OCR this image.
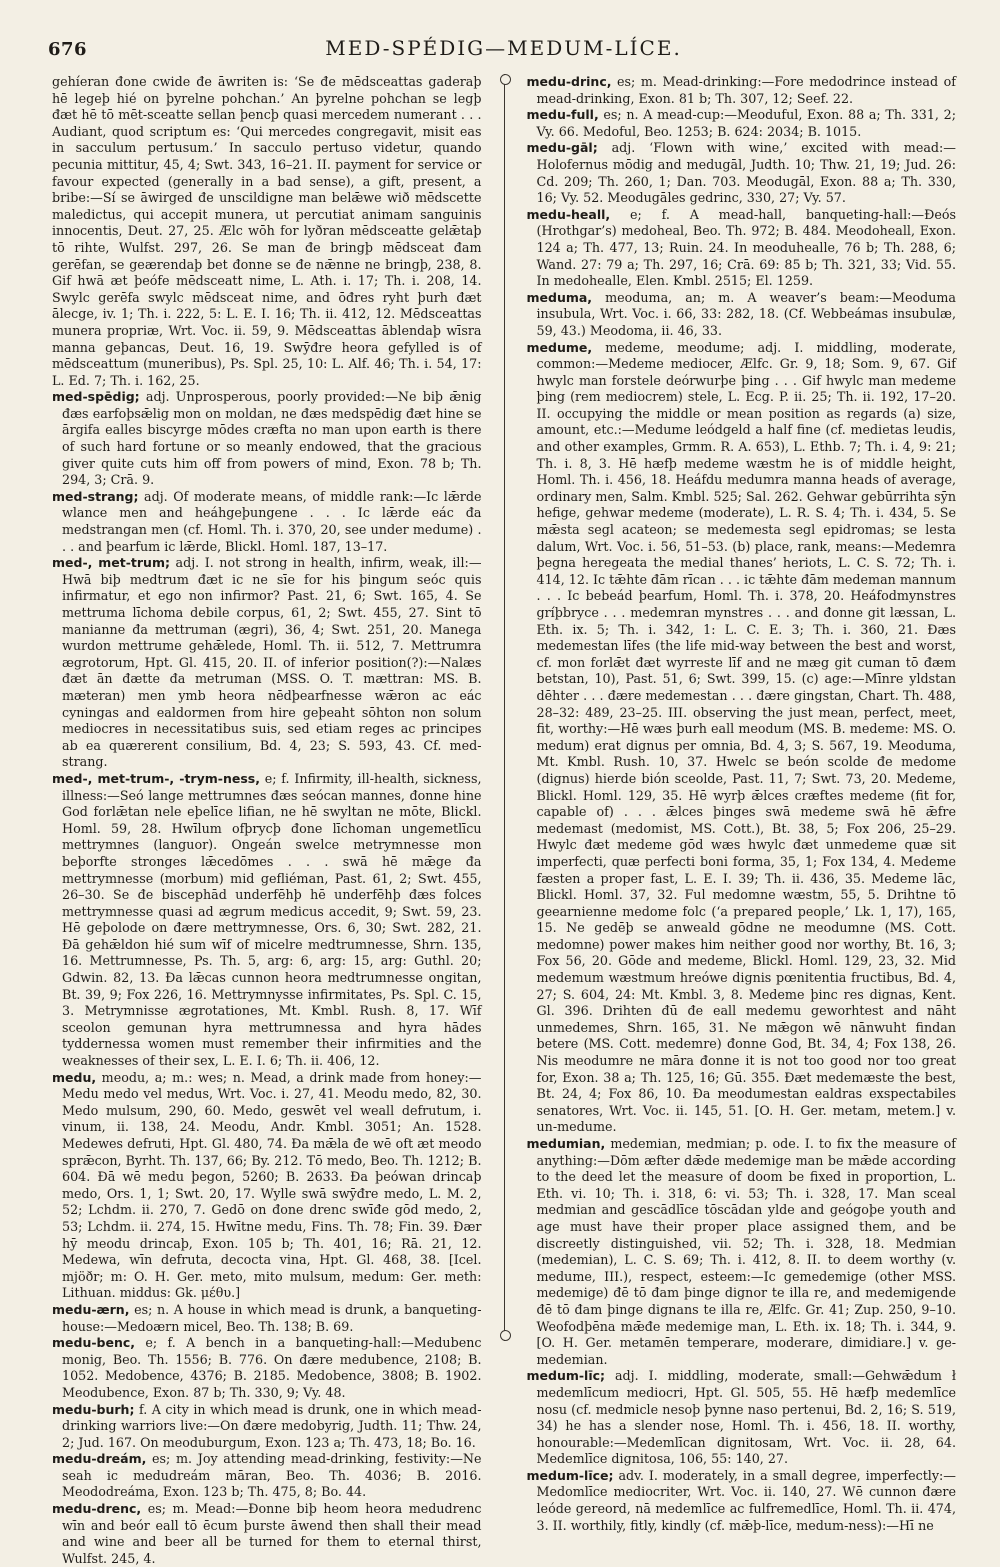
676	MED-SPÉDIG—MEDUM-LÍCE.

gehíeran đone cwide đe āwriten is: ‘Se đe mēdsceattas gaderaþ hē legeþ hié on þyrelne pohchan.’ An þyrelne pohchan se legþ đæt hē tō mēt-sceatte sellan þencþ quasi mercedem numerant . . . Audiant, quod scriptum es: ‘Qui mercedes congregavit, misit eas in sacculum pertusum.’ In sacculo pertuso videtur, quando pecunia mittitur, 45, 4; Swt. 343, 16–21. II. payment for service or favour expected (generally in a bad sense), a gift, present, a bribe:—Sí se āwirged đe unscildigne man belǣwe wið mēdscette maledictus, qui accepit munera, ut percutiat animam sanguinis innocentis, Deut. 27, 25. Ælc wōh for lyðran mēdsceatte gelǣtaþ tō rihte, Wulfst. 297, 26. Se man đe bringþ mēdsceat đam gerēfan, se geærendaþ bet đonne se đe nǣnne ne bringþ, 238, 8. Gif hwā æt þeófe mēdsceatt nime, L. Ath. i. 17; Th. i. 208, 14. Swylc gerēfa swylc mēdsceat nime, and ōđres ryht þurh đæt ālecge, iv. 1; Th. i. 222, 5: L. E. I. 16; Th. ii. 412, 12. Mēdsceattas munera propriæ, Wrt. Voc. ii. 59, 9. Mēdsceattas āblendaþ wīsra manna geþancas, Deut. 16, 19. Swȳđre heora gefylled is of mēdsceattum (muneribus), Ps. Spl. 25, 10: L. Alf. 46; Th. i. 54, 17: L. Ed. 7; Th. i. 162, 25.

med-spēdig; adj. Unprosperous, poorly provided:—Ne biþ ǣnig đæs earfoþsǣlig mon on moldan, ne đæs medspēdig đæt hine se ārgifa ealles biscyrge mōdes cræfta no man upon earth is there of such hard fortune or so meanly endowed, that the gracious giver quite cuts him off from powers of mind, Exon. 78 b; Th. 294, 3; Crā. 9.

med-strang; adj. Of moderate means, of middle rank:—Ic lǣrde wlance men and heáhgeþungene . . . Ic lǣrde eác đa medstrangan men (cf. Homl. Th. i. 370, 20, see under medume) . . . and þearfum ic lǣrde, Blickl. Homl. 187, 13–17.

med-, met-trum; adj. I. not strong in health, infirm, weak, ill:—Hwā biþ medtrum đæt ic ne sīe for his þingum seóc quis infirmatur, et ego non infirmor? Past. 21, 6; Swt. 165, 4. Se mettruma līchoma debile corpus, 61, 2; Swt. 455, 27. Sint tō manianne đa mettruman (ægri), 36, 4; Swt. 251, 20. Manega wurdon mettrume gehǣlede, Homl. Th. ii. 512, 7. Mettrumra ægrotorum, Hpt. Gl. 415, 20. II. of inferior position(?):—Nalæs đæt ān đætte đa metruman (MSS. O. T. mættran: MS. B. mæteran) men ymb heora nēdþearfnesse wǣron ac eác cyningas and ealdormen from hire geþeaht sōhton non solum mediocres in necessitatibus suis, sed etiam reges ac principes ab ea quærerent consilium, Bd. 4, 23; S. 593, 43. Cf. med-strang.

med-, met-trum-, -trym-ness, e; f. Infirmity, ill-health, sickness, illness:—Seó lange mettrumnes đæs seócan mannes, đonne hine God forlǣtan nele eþelīce lifian, ne hē swyltan ne mōte, Blickl. Homl. 59, 28. Hwīlum ofþrycþ đone līchoman ungemetlīcu mettrymnes (languor). Ongeán swelce metrymnesse mon beþorfte stronges lǣcedōmes . . . swā hē mǣge đa mettrymnesse (morbum) mid gefliéman, Past. 61, 2; Swt. 455, 26–30. Se đe biscephād underfēhþ hē underfēhþ đæs folces mettrymnesse quasi ad ægrum medicus accedit, 9; Swt. 59, 23. Hē geþolode on đære mettrymnesse, Ors. 6, 30; Swt. 282, 21. Đā gehǣldon hié sum wīf of micelre medtrumnesse, Shrn. 135, 16. Mettrumnesse, Ps. Th. 5, arg: 6, arg: 15, arg: Guthl. 20; Gdwin. 82, 13. Đa lǣcas cunnon heora medtrumnesse ongitan, Bt. 39, 9; Fox 226, 16. Mettrymnysse infirmitates, Ps. Spl. C. 15, 3. Metrymnisse ægrotationes, Mt. Kmbl. Rush. 8, 17. Wīf sceolon gemunan hyra mettrumnessa and hyra hādes tyddernessa women must remember their infirmities and the weaknesses of their sex, L. E. I. 6; Th. ii. 406, 12.

medu, meodu, a; m.: wes; n. Mead, a drink made from honey:—Medu medo vel medus, Wrt. Voc. i. 27, 41. Meodu medo, 82, 30. Medo mulsum, 290, 60. Medo, geswēt vel weall defrutum, i. vinum, ii. 138, 24. Meodu, Andr. Kmbl. 3051; An. 1528. Medewes defruti, Hpt. Gl. 480, 74. Đa mǣla đe wē oft æt meodo sprǣcon, Byrht. Th. 137, 66; By. 212. Tō medo, Beo. Th. 1212; B. 604. Đā wē medu þegon, 5260; B. 2633. Đa þeówan drincaþ medo, Ors. 1, 1; Swt. 20, 17. Wylle swā swȳđre medo, L. M. 2, 52; Lchdm. ii. 270, 7. Gedō on đone drenc swīđe gōd medo, 2, 53; Lchdm. ii. 274, 15. Hwītne medu, Fins. Th. 78; Fin. 39. Đær hȳ meodu drincaþ, Exon. 105 b; Th. 401, 16; Rā. 21, 12. Medewa, wīn defruta, decocta vina, Hpt. Gl. 468, 38. [Icel. mjöðr; m: O. H. Ger. meto, mito mulsum, medum: Ger. meth: Lithuan. middus: Gk. μέθυ.]

medu-ærn, es; n. A house in which mead is drunk, a banqueting-house:—Medoærn micel, Beo. Th. 138; B. 69.

medu-benc, e; f. A bench in a banqueting-hall:—Medubenc monig, Beo. Th. 1556; B. 776. On đære medubence, 2108; B. 1052. Medobence, 4376; B. 2185. Medobence, 3808; B. 1902. Meodubence, Exon. 87 b; Th. 330, 9; Vy. 48.

medu-burh; f. A city in which mead is drunk, one in which mead-drinking warriors live:—On đære medobyrig, Judth. 11; Thw. 24, 2; Jud. 167. On meoduburgum, Exon. 123 a; Th. 473, 18; Bo. 16.

medu-dreám, es; m. Joy attending mead-drinking, festivity:—Ne seah ic medudreám māran, Beo. Th. 4036; B. 2016. Meododreáma, Exon. 123 b; Th. 475, 8; Bo. 44.

medu-drenc, es; m. Mead:—Đonne biþ heom heora medudrenc wīn and beór eall tō ēcum þurste āwend then shall their mead and wine and beer all be turned for them to eternal thirst, Wulfst. 245, 4.

medu-drinc, es; m. Mead-drinking:—Fore medodrince instead of mead-drinking, Exon. 81 b; Th. 307, 12; Seef. 22.

medu-full, es; n. A mead-cup:—Meoduful, Exon. 88 a; Th. 331, 2; Vy. 66. Medoful, Beo. 1253; B. 624: 2034; B. 1015.

medu-gāl; adj. ‘Flown with wine,’ excited with mead:—Holofernus mōdig and medugāl, Judth. 10; Thw. 21, 19; Jud. 26: Cd. 209; Th. 260, 1; Dan. 703. Meodugāl, Exon. 88 a; Th. 330, 16; Vy. 52. Meodugāles gedrinc, 330, 27; Vy. 57.

medu-heall, e; f. A mead-hall, banqueting-hall:—Đeós (Hrothgar’s) medoheal, Beo. Th. 972; B. 484. Meodoheall, Exon. 124 a; Th. 477, 13; Ruin. 24. In meoduhealle, 76 b; Th. 288, 6; Wand. 27: 79 a; Th. 297, 16; Crā. 69: 85 b; Th. 321, 33; Vid. 55. In medohealle, Elen. Kmbl. 2515; El. 1259.

meduma, meoduma, an; m. A weaver’s beam:—Meoduma insubula, Wrt. Voc. i. 66, 33: 282, 18. (Cf. Webbeámas insubulæ, 59, 43.) Meodoma, ii. 46, 33.

medume, medeme, meodume; adj. I. middling, moderate, common:—Medeme mediocer, Ælfc. Gr. 9, 18; Som. 9, 67. Gif hwylc man forstele deórwurþe þing . . . Gif hwylc man medeme þing (rem mediocrem) stele, L. Ecg. P. ii. 25; Th. ii. 192, 17–20. II. occupying the middle or mean position as regards (a) size, amount, etc.:—Medume leódgeld a half fine (cf. medietas leudis, and other examples, Grmm. R. A. 653), L. Ethb. 7; Th. i. 4, 9: 21; Th. i. 8, 3. Hē hæfþ medeme wæstm he is of middle height, Homl. Th. i. 456, 18. Heáfdu medumra manna heads of average, ordinary men, Salm. Kmbl. 525; Sal. 262. Gehwar gebūrrihta sȳn hefige, gehwar medeme (moderate), L. R. S. 4; Th. i. 434, 5. Se mǣsta segl acateon; se medemesta segl epidromas; se lesta dalum, Wrt. Voc. i. 56, 51–53. (b) place, rank, means:—Medemra þegna heregeata the medial thanes’ heriots, L. C. S. 72; Th. i. 414, 12. Ic tǣhte đām rīcan . . . ic tǣhte đām medeman mannum . . . Ic bebeád þearfum, Homl. Th. i. 378, 20. Heáfodmynstres gríþbryce . . . medemran mynstres . . . and đonne git læssan, L. Eth. ix. 5; Th. i. 342, 1: L. C. E. 3; Th. i. 360, 21. Đæs medemestan līfes (the life mid-way between the best and worst, cf. mon forlǣt đæt wyrreste līf and ne mæg git cuman tō đæm betstan, 10), Past. 51, 6; Swt. 399, 15. (c) age:—Mīnre yldstan dēhter . . . đære medemestan . . . đære gingstan, Chart. Th. 488, 28–32: 489, 23–25. III. observing the just mean, perfect, meet, fit, worthy:—Hē wæs þurh eall meodum (MS. B. medeme: MS. O. medum) erat dignus per omnia, Bd. 4, 3; S. 567, 19. Meoduma, Mt. Kmbl. Rush. 10, 37. Hwelc se beón scolde đe medome (dignus) hierde bión sceolde, Past. 11, 7; Swt. 73, 20. Medeme, Blickl. Homl. 129, 35. Hē wyrþ ǣlces cræftes medeme (fit for, capable of) . . . ǣlces þinges swā medeme swā hē ǣfre medemast (medomist, MS. Cott.), Bt. 38, 5; Fox 206, 25–29. Hwylc đæt medeme gōd wæs hwylc đæt unmedeme quæ sit imperfecti, quæ perfecti boni forma, 35, 1; Fox 134, 4. Medeme fæsten a proper fast, L. E. I. 39; Th. ii. 436, 35. Medeme lāc, Blickl. Homl. 37, 32. Ful medomne wæstm, 55, 5. Drihtne tō geearnienne medome folc (‘a prepared people,’ Lk. 1, 17), 165, 15. Ne gedēþ se anweald gōdne ne meodumne (MS. Cott. medomne) power makes him neither good nor worthy, Bt. 16, 3; Fox 56, 20. Gōde and medeme, Blickl. Homl. 129, 23, 32. Mid medemum wæstmum hreówe dignis pœnitentia fructibus, Bd. 4, 27; S. 604, 24: Mt. Kmbl. 3, 8. Medeme þinc res dignas, Kent. Gl. 396. Drihten đū đe eall medemu geworhtest and nāht unmedemes, Shrn. 165, 31. Ne mǣgon wē nānwuht findan betere (MS. Cott. medemre) đonne God, Bt. 34, 4; Fox 138, 26. Nis meodumre ne māra đonne it is not too good nor too great for, Exon. 38 a; Th. 125, 16; Gū. 355. Đæt medemæste the best, Bt. 24, 4; Fox 86, 10. Đa meodumestan ealdras exspectabiles senatores, Wrt. Voc. ii. 145, 51. [O. H. Ger. metam, metem.] v. un-medume.

medumian, medemian, medmian; p. ode. I. to fix the measure of anything:—Dōm æfter dǣde medemige man be mǣde according to the deed let the measure of doom be fixed in proportion, L. Eth. vi. 10; Th. i. 318, 6: vi. 53; Th. i. 328, 17. Man sceal medmian and gescādlīce tōscādan ylde and geógoþe youth and age must have their proper place assigned them, and be discreetly distinguished, vii. 52; Th. i. 328, 18. Medmian (medemian), L. C. S. 69; Th. i. 412, 8. II. to deem worthy (v. medume, III.), respect, esteem:—Ic gemedemige (other MSS. medemige) đē tō đam þinge dignor te illa re, and medemigende đē tō đam þinge dignans te illa re, Ælfc. Gr. 41; Zup. 250, 9–10. Weofodþēna mǣđe medemige man, L. Eth. ix. 18; Th. i. 344, 9. [O. H. Ger. metamēn temperare, moderare, dimidiare.] v. ge-medemian.

medum-līc; adj. I. middling, moderate, small:—Gehwǣdum ł medemlīcum mediocri, Hpt. Gl. 505, 55. Hē hæfþ medemlīce nosu (cf. medmicle nesoþ þynne naso pertenui, Bd. 2, 16; S. 519, 34) he has a slender nose, Homl. Th. i. 456, 18. II. worthy, honourable:—Medemlīcan dignitosam, Wrt. Voc. ii. 28, 64. Medemlīce dignitosa, 106, 55: 140, 27.

medum-līce; adv. I. moderately, in a small degree, imperfectly:—Medomlīce mediocriter, Wrt. Voc. ii. 140, 27. Wē cunnon đære leóde gereord, nā medemlīce ac fulfremedlīce, Homl. Th. ii. 474, 3. II. worthily, fitly, kindly (cf. mǣþ-līce, medum-ness):—Hī ne
